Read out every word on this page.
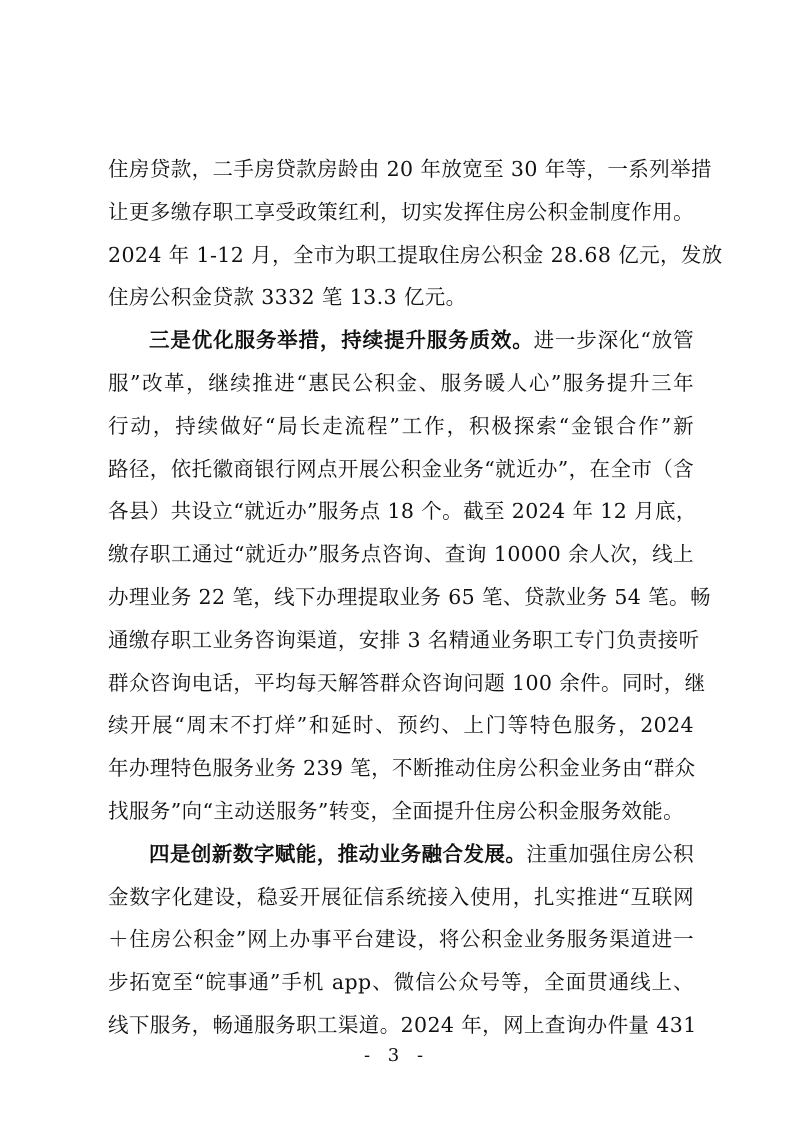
住房贷款，二手房贷款房龄由 20 年放宽至 30 年等，一系列举措

让更多缴存职工享受政策红利，切实发挥住房公积金制度作用。

2024 年 1-12 月，全市为职工提取住房公积金 28.68 亿元，发放

住房公积金贷款 3332 笔 13.3 亿元。

三是优化服务举措，持续提升服务质效。进一步深化“放管

服”改革，继续推进“惠民公积金、服务暖人心”服务提升三年

行动，持续做好“局长走流程”工作，积极探索“金银合作”新

路径，依托徽商银行网点开展公积金业务“就近办”，在全市（含

各县）共设立“就近办”服务点 18 个。截至 2024 年 12 月底，

缴存职工通过“就近办”服务点咨询、查询 10000 余人次，线上

办理业务 22 笔，线下办理提取业务 65 笔、贷款业务 54 笔。畅

通缴存职工业务咨询渠道，安排 3 名精通业务职工专门负责接听

群众咨询电话，平均每天解答群众咨询问题 100 余件。同时，继

续开展“周末不打烊”和延时、预约、上门等特色服务，2024

年办理特色服务业务 239 笔，不断推动住房公积金业务由“群众

找服务”向“主动送服务”转变，全面提升住房公积金服务效能。

四是创新数字赋能，推动业务融合发展。注重加强住房公积

金数字化建设，稳妥开展征信系统接入使用，扎实推进“互联网

＋住房公积金”网上办事平台建设，将公积金业务服务渠道进一

步拓宽至“皖事通”手机 app、微信公众号等，全面贯通线上、

线下服务，畅通服务职工渠道。2024 年，网上查询办件量 431

- 3 -
